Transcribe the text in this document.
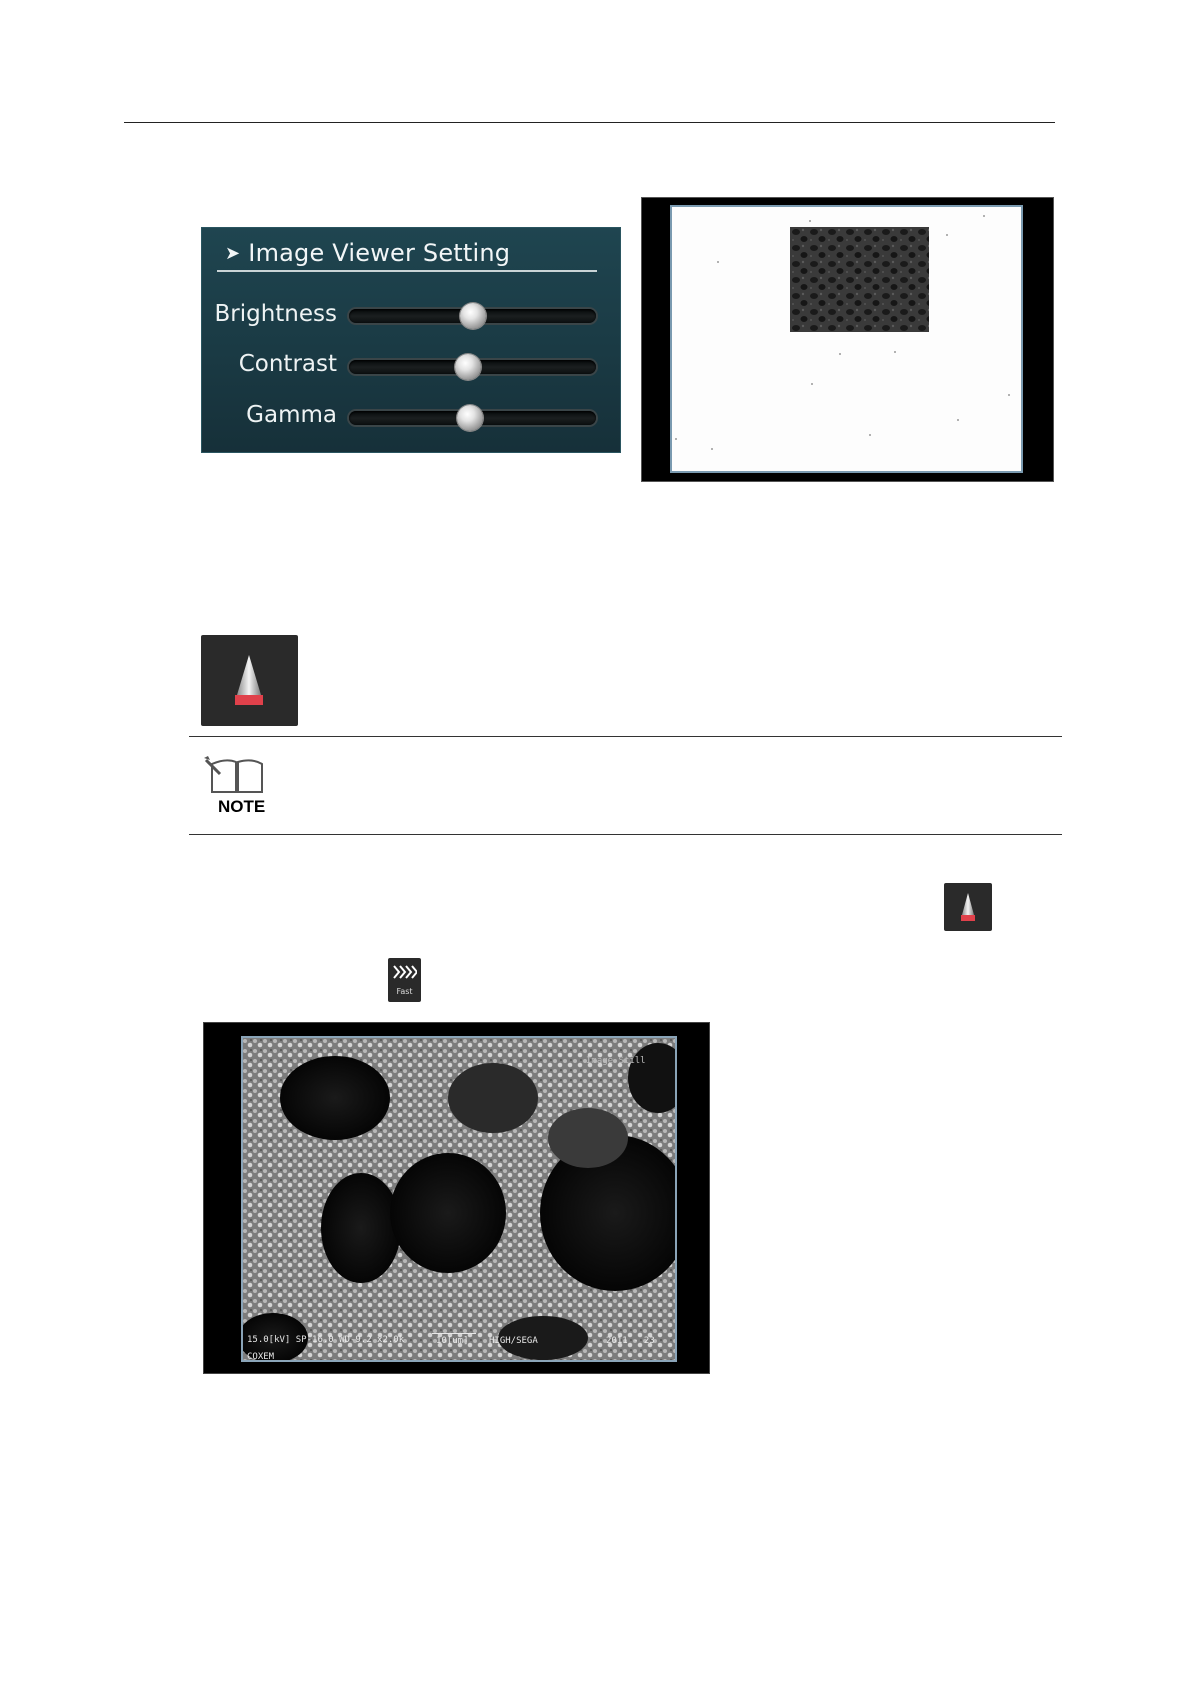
➤ Image Viewer Setting
Brightness
Contrast
Gamma
NOTE
Fast
Image Still
15.0[kV] SP-16.0 WD-9.2 x2.0k	10[um] HIGH/SEGA	2011 - 23
COXEM
